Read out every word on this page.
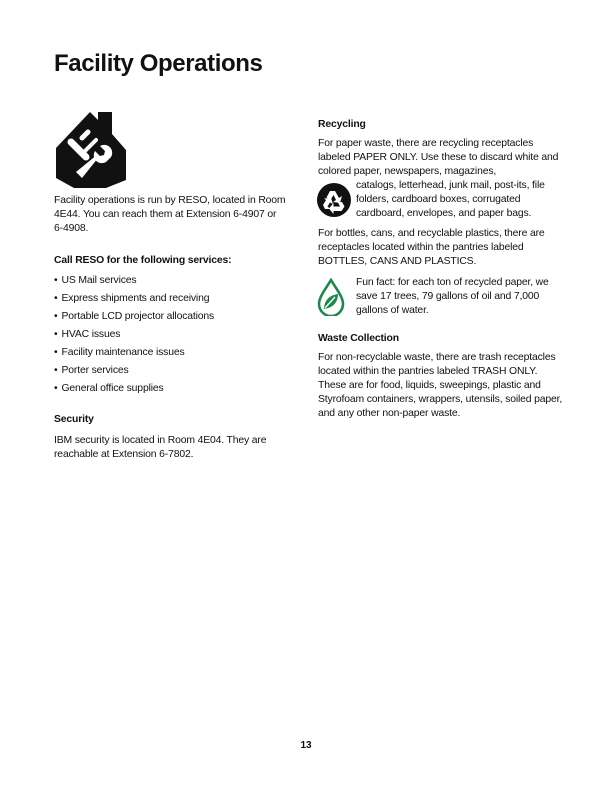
Facility Operations

Facility operations is run by RESO, located in Room 4E44. You can reach them at Extension 6-4907 or 6-4908.

Call RESO for the following services:

• US Mail services
• Express shipments and receiving
• Portable LCD projector allocations
• HVAC issues
• Facility maintenance issues
• Porter services
• General office supplies

Security

IBM security is located in Room 4E04. They are reachable at Extension 6-7802.

Recycling

For paper waste, there are recycling receptacles labeled PAPER ONLY. Use these to discard white and colored paper, newspapers, magazines,

catalogs, letterhead, junk mail, post-its, file folders, cardboard boxes, corrugated cardboard, envelopes, and paper bags.

For bottles, cans, and recyclable plastics, there are receptacles located within the pantries labeled BOTTLES, CANS AND PLASTICS.

Fun fact: for each ton of recycled paper, we save 17 trees, 79 gallons of oil and 7,000 gallons of water.

Waste Collection

For non-recyclable waste, there are trash receptacles located within the pantries labeled TRASH ONLY. These are for food, liquids, sweepings, plastic and Styrofoam containers, wrappers, utensils, soiled paper, and any other non-paper waste.

13
